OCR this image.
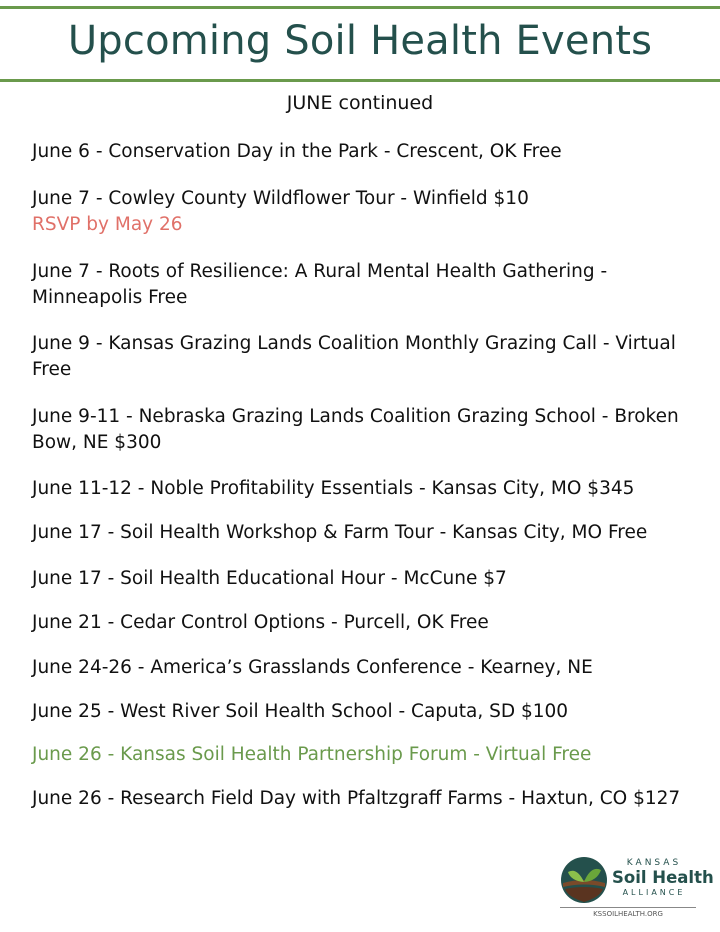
Upcoming Soil Health Events
JUNE continued
June 6 - Conservation Day in the Park - Crescent, OK Free
June 7 - Cowley County Wildflower Tour - Winfield $10
RSVP by May 26
June 7 - Roots of Resilience: A Rural Mental Health Gathering - Minneapolis Free
June 9 - Kansas Grazing Lands Coalition Monthly Grazing Call - Virtual Free
June 9-11 - Nebraska Grazing Lands Coalition Grazing School - Broken Bow, NE $300
June 11-12 - Noble Profitability Essentials - Kansas City, MO $345
June 17 - Soil Health Workshop & Farm Tour - Kansas City, MO Free
June 17 - Soil Health Educational Hour - McCune $7
June 21 - Cedar Control Options - Purcell, OK Free
June 24-26 - America’s Grasslands Conference - Kearney, NE
June 25 - West River Soil Health School - Caputa, SD $100
June 26 - Kansas Soil Health Partnership Forum - Virtual Free
June 26 - Research Field Day with Pfaltzgraff Farms - Haxtun, CO $127
KANSAS
Soil Health
ALLIANCE
KSSOILHEALTH.ORG
